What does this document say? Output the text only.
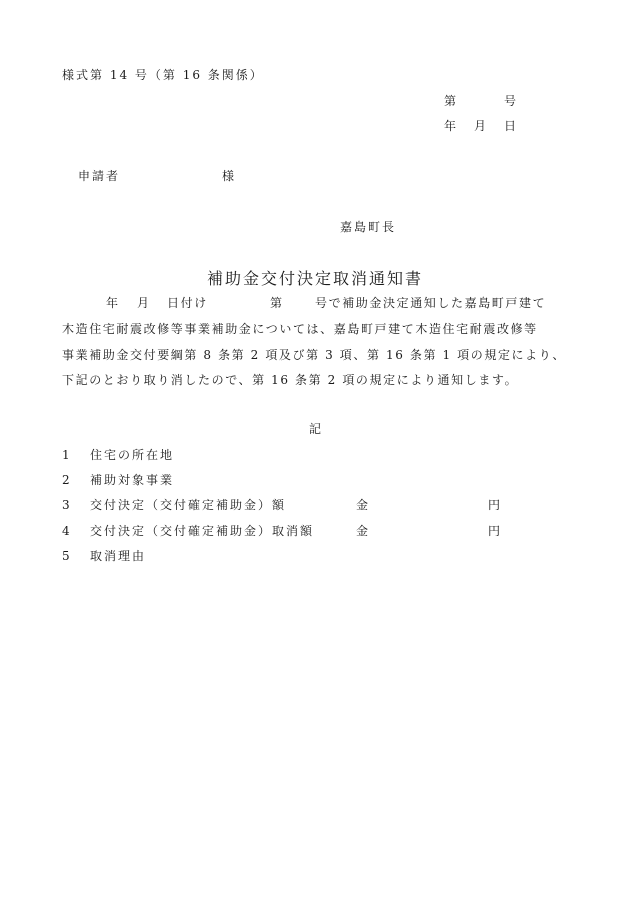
様式第 14 号（第 16 条関係）
第	号
年 月 日
申請者	様
嘉島町長
補助金交付決定取消通知書
年 月 日付け	第	号で補助金決定通知した嘉島町戸建て
木造住宅耐震改修等事業補助金については、嘉島町戸建て木造住宅耐震改修等
事業補助金交付要綱第 8 条第 2 項及び第 3 項、第 16 条第 1 項の規定により、
下記のとおり取り消したので、第 16 条第 2 項の規定により通知します。
記
1 住宅の所在地
2 補助対象事業
3 交付決定（交付確定補助金）額	金	円
4 交付決定（交付確定補助金）取消額	金	円
5 取消理由
